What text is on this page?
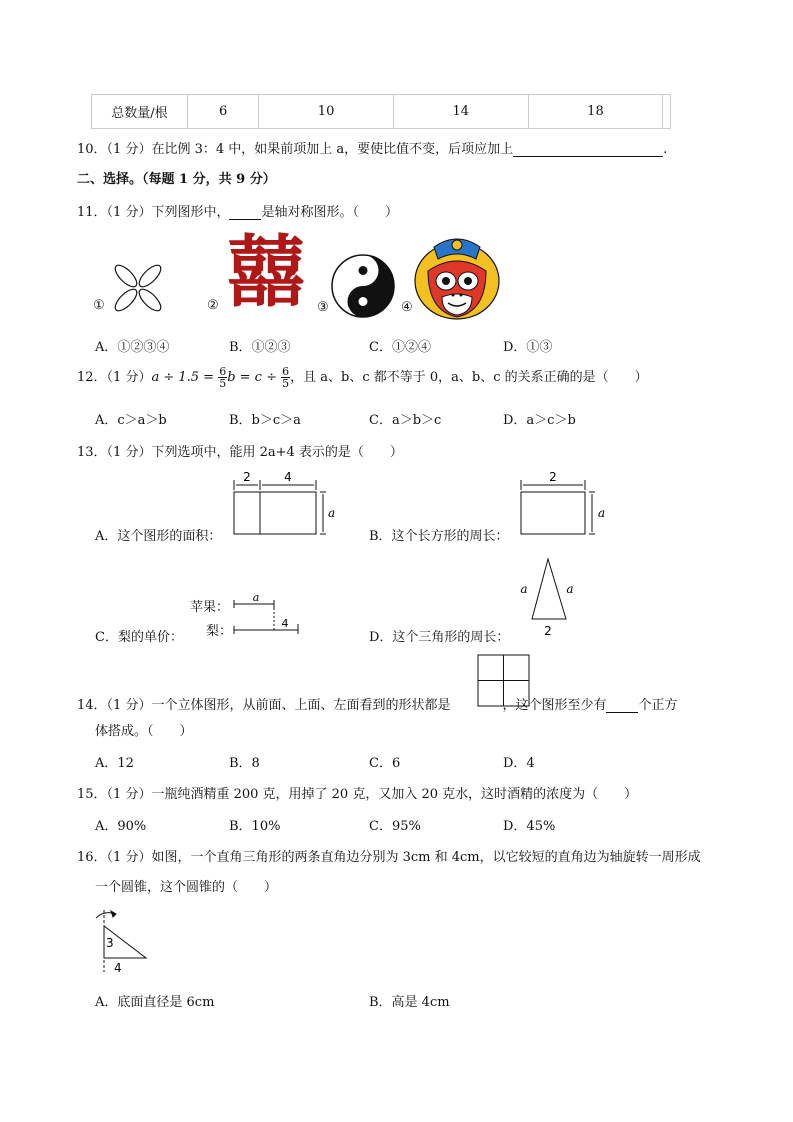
总数量/根	6	10	14	18	
10．（1 分）在比例 3：4 中，如果前项加上 a，要使比值不变，后项应加上	.
二、选择。（每题 1 分，共 9 分）
11．（1 分）下列图形中， 是轴对称图形。（　　）
①	② 囍 ③	④
A．①②③④	B．①②③	C．①②④	D．①③
12．（1 分）$a \div 1.5 = \frac{6}{5}$ $b = c \div \frac{6}{5}$ ，且 a、b、c 都不等于 0，a、b、c 的关系正确的是（　　）
A．c＞a＞b	B．b＞c＞a	C．a＞b＞c	D．a＞c＞b
13．（1 分）下列选项中，能用 2a+4 表示的是（　　）
A．这个图形的面积：
2	4
a
B．这个长方形的周长：
2
a
苹果：
梨：
C．梨的单价：
a
4
D．这个三角形的周长：
a	a
2
14．（1 分）一个立体图形，从前面、上面、左面看到的形状都是	，这个图形至少有 个正方
体搭成。（　　）
A．12	B．8	C．6	D．4
15．（1 分）一瓶纯酒精重 200 克，用掉了 20 克，又加入 20 克水，这时酒精的浓度为（　　）
A．90%	B．10%	C．95%	D．45%
16．（1 分）如图，一个直角三角形的两条直角边分别为 3cm 和 4cm，以它较短的直角边为轴旋转一周形成
一个圆锥，这个圆锥的（　　）
3
4
A．底面直径是 6cm	B．高是 4cm
